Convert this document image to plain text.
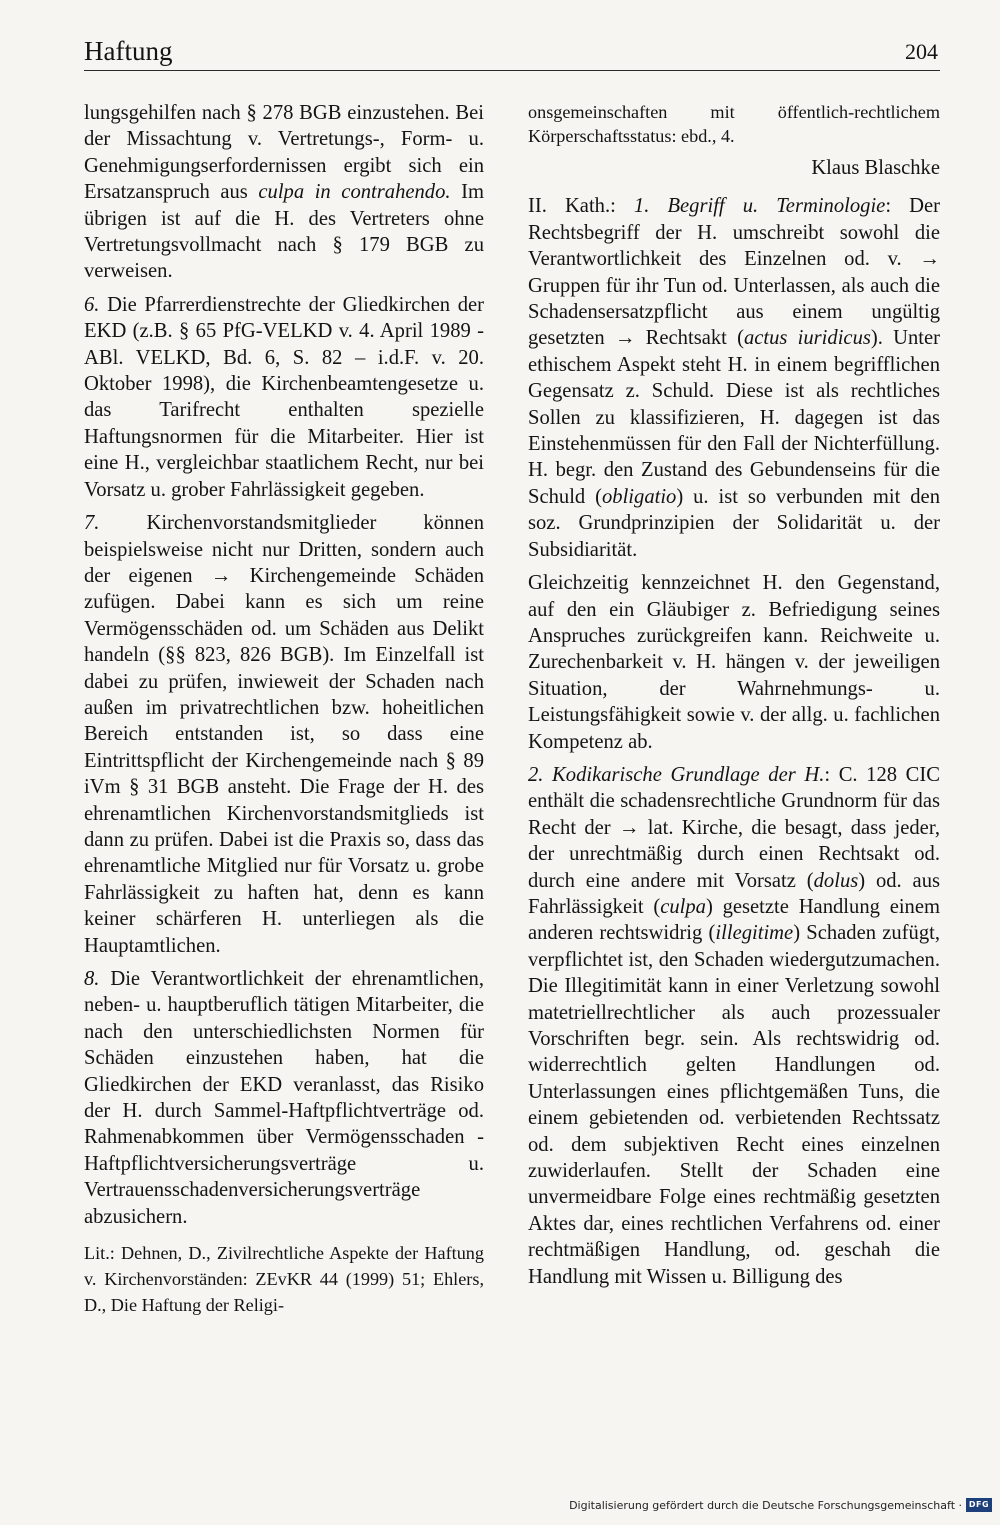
Haftung	204

lungsgehilfen nach § 278 BGB einzustehen. Bei der Missachtung v. Vertretungs-, Form- u. Genehmigungserfordernissen ergibt sich ein Ersatzanspruch aus culpa in contrahendo. Im übrigen ist auf die H. des Vertreters ohne Vertretungsvollmacht nach § 179 BGB zu verweisen.

6. Die Pfarrerdienstrechte der Gliedkirchen der EKD (z.B. § 65 PfG-VELKD v. 4. April 1989 - ABl. VELKD, Bd. 6, S. 82 – i.d.F. v. 20. Oktober 1998), die Kirchenbeamtengesetze u. das Tarifrecht enthalten spezielle Haftungsnormen für die Mitarbeiter. Hier ist eine H., vergleichbar staatlichem Recht, nur bei Vorsatz u. grober Fahrlässigkeit gegeben.

7. Kirchenvorstandsmitglieder können beispielsweise nicht nur Dritten, sondern auch der eigenen → Kirchengemeinde Schäden zufügen. Dabei kann es sich um reine Vermögensschäden od. um Schäden aus Delikt handeln (§§ 823, 826 BGB). Im Einzelfall ist dabei zu prüfen, inwieweit der Schaden nach außen im privatrechtlichen bzw. hoheitlichen Bereich entstanden ist, so dass eine Eintrittspflicht der Kirchengemeinde nach § 89 iVm § 31 BGB ansteht. Die Frage der H. des ehrenamtlichen Kirchenvorstandsmitglieds ist dann zu prüfen. Dabei ist die Praxis so, dass das ehrenamtliche Mitglied nur für Vorsatz u. grobe Fahrlässigkeit zu haften hat, denn es kann keiner schärferen H. unterliegen als die Hauptamtlichen.

8. Die Verantwortlichkeit der ehrenamtlichen, neben- u. hauptberuflich tätigen Mitarbeiter, die nach den unterschiedlichsten Normen für Schäden einzustehen haben, hat die Gliedkirchen der EKD veranlasst, das Risiko der H. durch Sammel-Haftpflichtverträge od. Rahmenabkommen über Vermögensschaden - Haftpflichtversicherungsverträge u. Vertrauensschadenversicherungsverträge abzusichern.

Lit.: Dehnen, D., Zivilrechtliche Aspekte der Haftung v. Kirchenvorständen: ZEvKR 44 (1999) 51; Ehlers, D., Die Haftung der Religi-

onsgemeinschaften mit öffentlich-rechtlichem Körperschaftsstatus: ebd., 4.

Klaus Blaschke

II. Kath.: 1. Begriff u. Terminologie: Der Rechtsbegriff der H. umschreibt sowohl die Verantwortlichkeit des Einzelnen od. v. → Gruppen für ihr Tun od. Unterlassen, als auch die Schadensersatzpflicht aus einem ungültig gesetzten → Rechtsakt (actus iuridicus). Unter ethischem Aspekt steht H. in einem begrifflichen Gegensatz z. Schuld. Diese ist als rechtliches Sollen zu klassifizieren, H. dagegen ist das Einstehenmüssen für den Fall der Nichterfüllung. H. begr. den Zustand des Gebundenseins für die Schuld (obligatio) u. ist so verbunden mit den soz. Grundprinzipien der Solidarität u. der Subsidiarität.

Gleichzeitig kennzeichnet H. den Gegenstand, auf den ein Gläubiger z. Befriedigung seines Anspruches zurückgreifen kann. Reichweite u. Zurechenbarkeit v. H. hängen v. der jeweiligen Situation, der Wahrnehmungs- u. Leistungsfähigkeit sowie v. der allg. u. fachlichen Kompetenz ab.

2. Kodikarische Grundlage der H.: C. 128 CIC enthält die schadensrechtliche Grundnorm für das Recht der → lat. Kirche, die besagt, dass jeder, der unrechtmäßig durch einen Rechtsakt od. durch eine andere mit Vorsatz (dolus) od. aus Fahrlässigkeit (culpa) gesetzte Handlung einem anderen rechtswidrig (illegitime) Schaden zufügt, verpflichtet ist, den Schaden wiedergutzumachen. Die Illegitimität kann in einer Verletzung sowohl matetriellrechtlicher als auch prozessualer Vorschriften begr. sein. Als rechtswidrig od. widerrechtlich gelten Handlungen od. Unterlassungen eines pflichtgemäßen Tuns, die einem gebietenden od. verbietenden Rechtssatz od. dem subjektiven Recht eines einzelnen zuwiderlaufen. Stellt der Schaden eine unvermeidbare Folge eines rechtmäßig gesetzten Aktes dar, eines rechtlichen Verfahrens od. einer rechtmäßigen Handlung, od. geschah die Handlung mit Wissen u. Billigung des

Digitalisierung gefördert durch die Deutsche Forschungsgemeinschaft · DFG
